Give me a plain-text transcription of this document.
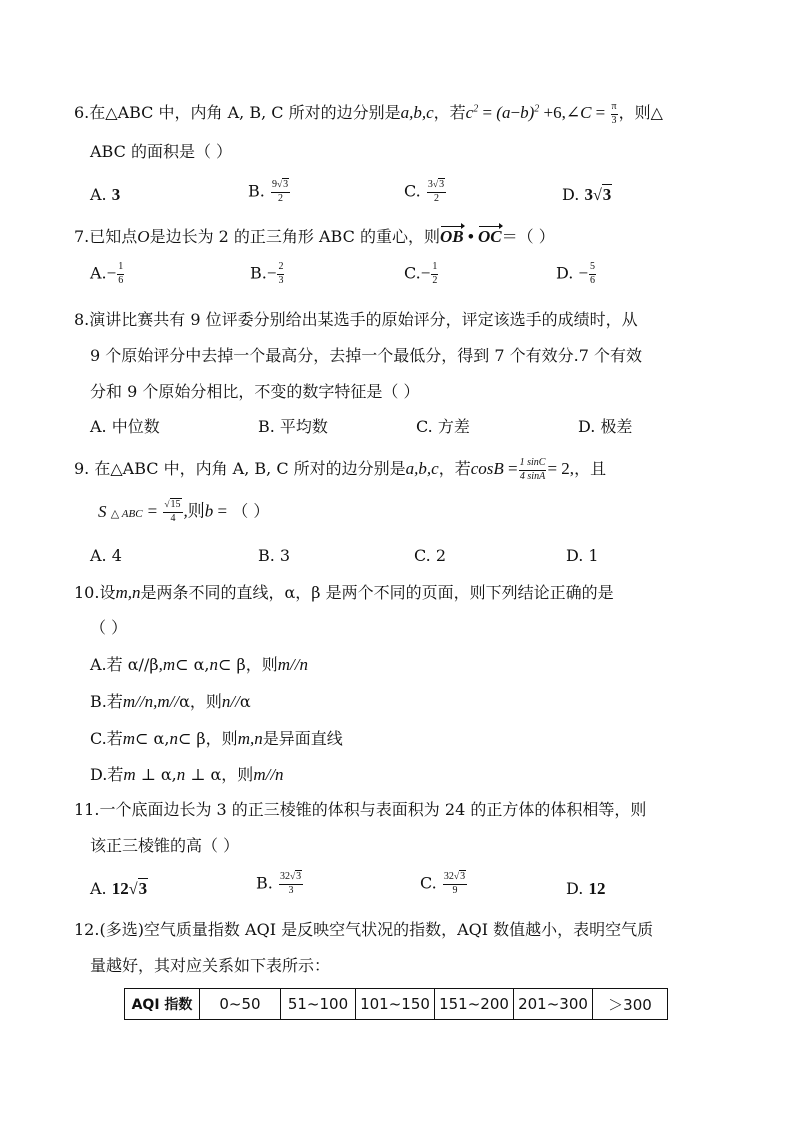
6.在△ABC 中，内角 A, B, C 所对的边分别是a,b,c，若$c^2 = (a-b)^2$ +6,∠C = $\frac{\pi}{3}$ ，则△
ABC 的面积是（ ）
A. 3	B. $\frac{9√3}{2}$	C. $\frac{3√3}{2}$	D. 3√3
7.已知点O是边长为 2 的正三角形 ABC 的重心，则OB • OC＝（ ）
$A.- \frac{1}{6}$	$B.- \frac{2}{3}$	$C.- \frac{1}{2}$	D. − $\frac{5}{6}$
8.演讲比赛共有 9 位评委分别给出某选手的原始评分，评定该选手的成绩时，从
9 个原始评分中去掉一个最高分，去掉一个最低分，得到 7 个有效分.7 个有效
分和 9 个原始分相比，不变的数字特征是（ ）
A. 中位数	B. 平均数	C. 方差	D. 极差
9. 在△ABC 中，内角 A, B, C 所对的边分别是a,b,c，若$\cos B = \frac{1 \sin C}{4 \sin A} = 2$,，且
S △ ABC = $\frac{√15}{4}$ ,则b = （ ）
A. 4	B. 3	C. 2	D. 1
10.设m,n是两条不同的直线，α，β 是两个不同的页面，则下列结论正确的是
（ ）
A.若 α//β,m⊂ α,n⊂ β，则m//n
B.若m//n,m//α，则n//α
C.若m⊂ α,n⊂ β，则m,n是异面直线
D.若m ⊥ α,n ⊥ α，则m//n
11.一个底面边长为 3 的正三棱锥的体积与表面积为 24 的正方体的体积相等，则
该正三棱锥的高（ ）
A. 12√3	B. $\frac{32√3}{3}$	C. $\frac{32√3}{9}$	D. 12
12.(多选)空气质量指数 AQI 是反映空气状况的指数，AQI 数值越小，表明空气质
量越好，其对应关系如下表所示：
AQI 指数	0~50	51~100	101~150	151~200	201~300	＞300
